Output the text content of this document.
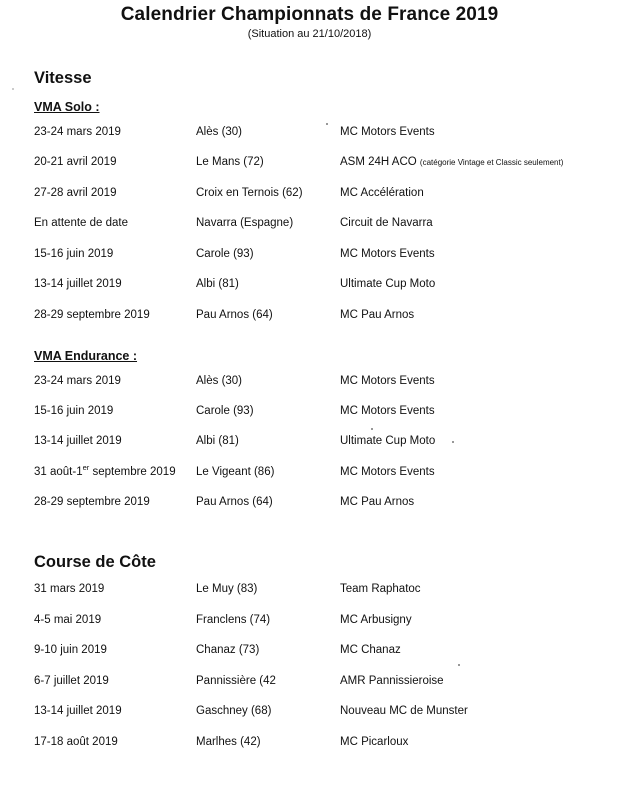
Calendrier Championnats de France 2019
(Situation au 21/10/2018)
Vitesse
VMA Solo :
23-24 mars 2019	Alès (30)	MC Motors Events
20-21 avril 2019	Le Mans (72)	ASM 24H ACO (catégorie Vintage et Classic seulement)
27-28 avril 2019	Croix en Ternois (62)	MC Accélération
En attente de date	Navarra (Espagne)	Circuit de Navarra
15-16 juin 2019	Carole (93)	MC Motors Events
13-14 juillet 2019	Albi (81)	Ultimate Cup Moto
28-29 septembre 2019	Pau Arnos (64)	MC Pau Arnos
VMA Endurance :
23-24 mars 2019	Alès (30)	MC Motors Events
15-16 juin 2019	Carole (93)	MC Motors Events
13-14 juillet 2019	Albi (81)	Ultimate Cup Moto
31 août-1er septembre 2019 Le Vigeant (86)	MC Motors Events
28-29 septembre 2019	Pau Arnos (64)	MC Pau Arnos
Course de Côte
31 mars 2019	Le Muy (83)	Team Raphatoc
4-5 mai 2019	Franclens (74)	MC Arbusigny
9-10 juin 2019	Chanaz (73)	MC Chanaz
6-7 juillet 2019	Pannissière (42	AMR Pannissieroise
13-14 juillet 2019	Gaschney (68)	Nouveau MC de Munster
17-18 août 2019	Marlhes (42)	MC Picarloux
